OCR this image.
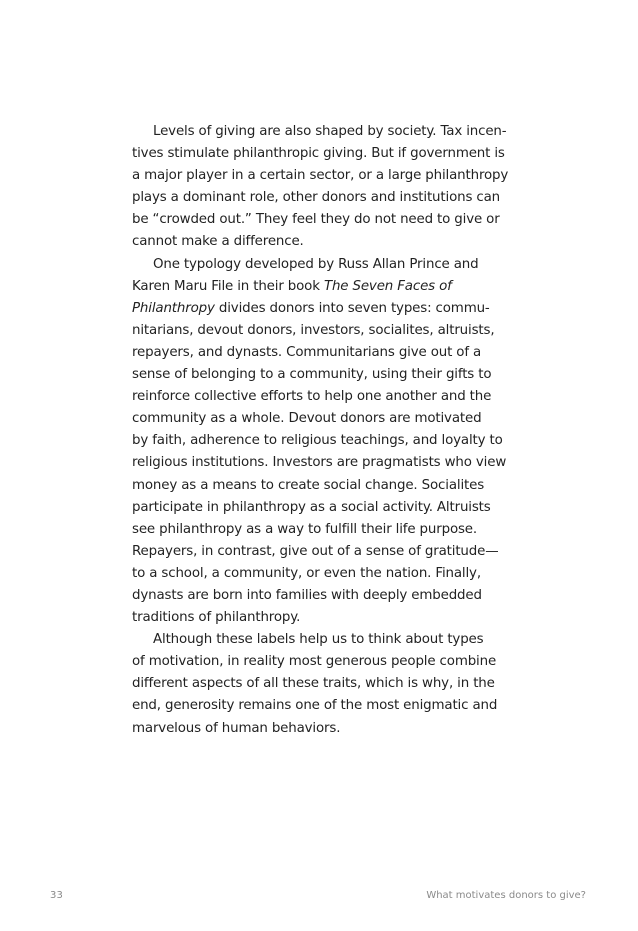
Levels of giving are also shaped by society. Tax incen-
tives stimulate philanthropic giving. But if government is
a major player in a certain sector, or a large philanthropy
plays a dominant role, other donors and institutions can
be “crowded out.” They feel they do not need to give or
cannot make a difference.
One typology developed by Russ Allan Prince and
Karen Maru File in their book The Seven Faces of
Philanthropy divides donors into seven types: commu-
nitarians, devout donors, investors, socialites, altruists,
repayers, and dynasts. Communitarians give out of a
sense of belonging to a community, using their gifts to
reinforce collective efforts to help one another and the
community as a whole. Devout donors are motivated
by faith, adherence to religious teachings, and loyalty to
religious institutions. Investors are pragmatists who view
money as a means to create social change. Socialites
participate in philanthropy as a social activity. Altruists
see philanthropy as a way to fulfill their life purpose.
Repayers, in contrast, give out of a sense of gratitude—
to a school, a community, or even the nation. Finally,
dynasts are born into families with deeply embedded
traditions of philanthropy.
Although these labels help us to think about types
of motivation, in reality most generous people combine
different aspects of all these traits, which is why, in the
end, generosity remains one of the most enigmatic and
marvelous of human behaviors.
33	What motivates donors to give?
